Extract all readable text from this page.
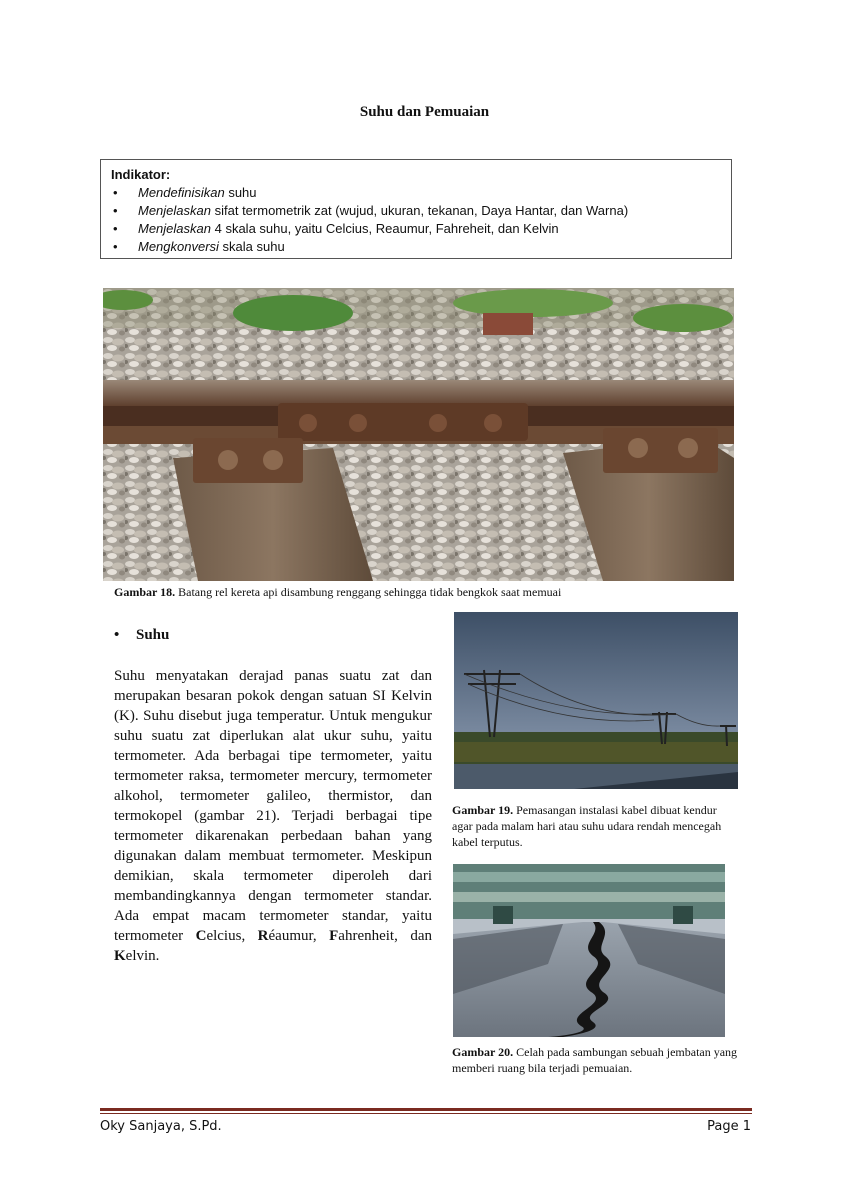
Suhu dan Pemuaian
Indikator:
• Mendefinisikan suhu
• Menjelaskan sifat termometrik zat (wujud, ukuran, tekanan, Daya Hantar, dan Warna)
• Menjelaskan 4 skala suhu, yaitu Celcius, Reaumur, Fahreheit, dan Kelvin
• Mengkonversi skala suhu
Gambar 18. Batang rel kereta api disambung renggang sehingga tidak bengkok saat memuai
Gambar 19. Pemasangan instalasi kabel dibuat kendur agar pada malam hari atau suhu udara rendah mencegah kabel terputus.
Gambar 20. Celah pada sambungan sebuah jembatan yang memberi ruang bila terjadi pemuaian.
• Suhu
Suhu menyatakan derajad panas suatu zat dan merupakan besaran pokok dengan satuan SI Kelvin (K). Suhu disebut juga temperatur. Untuk mengukur suhu suatu zat diperlukan alat ukur suhu, yaitu termometer. Ada berbagai tipe termometer, yaitu termometer raksa, termometer mercury, termometer alkohol, termometer galileo, thermistor, dan termokopel (gambar 21). Terjadi berbagai tipe termometer dikarenakan perbedaan bahan yang digunakan dalam membuat termometer. Meskipun demikian, skala termometer diperoleh dari membandingkannya dengan termometer standar. Ada empat macam termometer standar, yaitu termometer Celcius, Réaumur, Fahrenheit, dan Kelvin.
Oky Sanjaya, S.Pd.	Page 1
